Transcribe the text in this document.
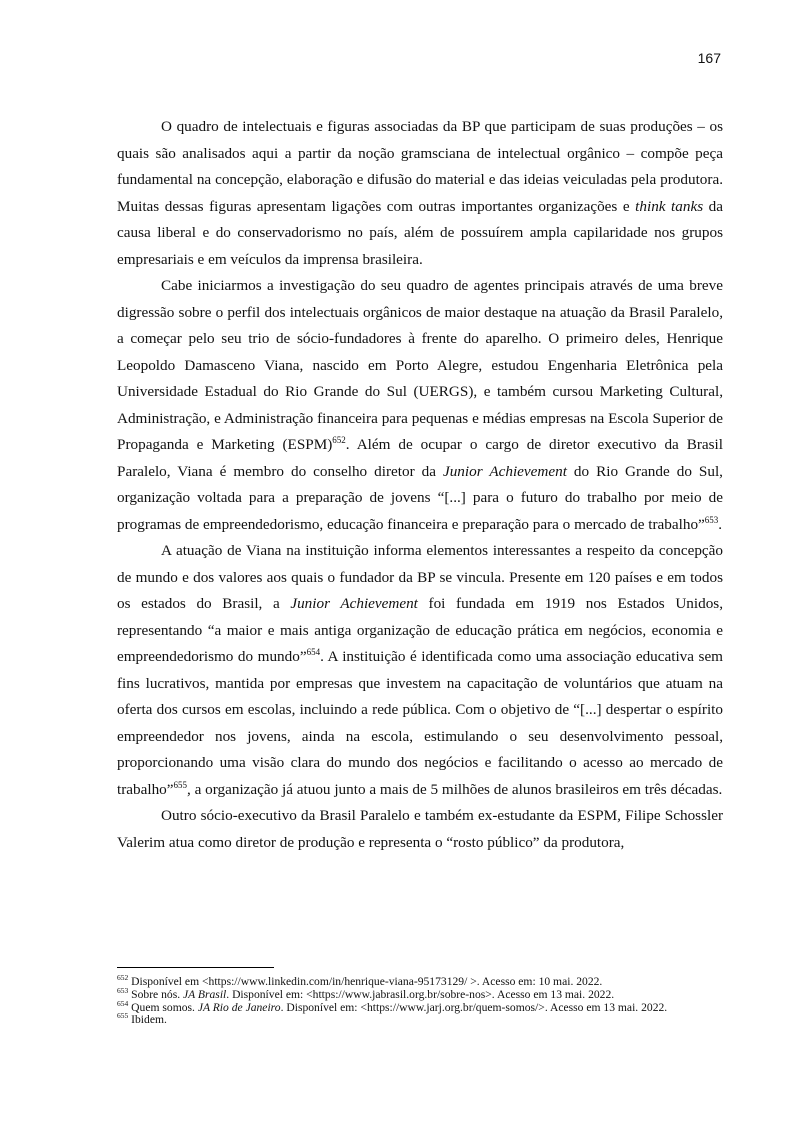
167

O quadro de intelectuais e figuras associadas da BP que participam de suas produções – os quais são analisados aqui a partir da noção gramsciana de intelectual orgânico – compõe peça fundamental na concepção, elaboração e difusão do material e das ideias veiculadas pela produtora. Muitas dessas figuras apresentam ligações com outras importantes organizações e think tanks da causa liberal e do conservadorismo no país, além de possuírem ampla capilaridade nos grupos empresariais e em veículos da imprensa brasileira.

Cabe iniciarmos a investigação do seu quadro de agentes principais através de uma breve digressão sobre o perfil dos intelectuais orgânicos de maior destaque na atuação da Brasil Paralelo, a começar pelo seu trio de sócio-fundadores à frente do aparelho. O primeiro deles, Henrique Leopoldo Damasceno Viana, nascido em Porto Alegre, estudou Engenharia Eletrônica pela Universidade Estadual do Rio Grande do Sul (UERGS), e também cursou Marketing Cultural, Administração, e Administração financeira para pequenas e médias empresas na Escola Superior de Propaganda e Marketing (ESPM)$^{652}$. Além de ocupar o cargo de diretor executivo da Brasil Paralelo, Viana é membro do conselho diretor da Junior Achievement do Rio Grande do Sul, organização voltada para a preparação de jovens “[...] para o futuro do trabalho por meio de programas de empreendedorismo, educação financeira e preparação para o mercado de trabalho”$^{653}$.

A atuação de Viana na instituição informa elementos interessantes a respeito da concepção de mundo e dos valores aos quais o fundador da BP se vincula. Presente em 120 países e em todos os estados do Brasil, a Junior Achievement foi fundada em 1919 nos Estados Unidos, representando “a maior e mais antiga organização de educação prática em negócios, economia e empreendedorismo do mundo”$^{654}$. A instituição é identificada como uma associação educativa sem fins lucrativos, mantida por empresas que investem na capacitação de voluntários que atuam na oferta dos cursos em escolas, incluindo a rede pública. Com o objetivo de “[...] despertar o espírito empreendedor nos jovens, ainda na escola, estimulando o seu desenvolvimento pessoal, proporcionando uma visão clara do mundo dos negócios e facilitando o acesso ao mercado de trabalho”$^{655}$, a organização já atuou junto a mais de 5 milhões de alunos brasileiros em três décadas.

Outro sócio-executivo da Brasil Paralelo e também ex-estudante da ESPM, Filipe Schossler Valerim atua como diretor de produção e representa o “rosto público” da produtora,

$^{652}$ Disponível em <https://www.linkedin.com/in/henrique-viana-95173129/ >. Acesso em: 10 mai. 2022.
$^{653}$ Sobre nós. JA Brasil. Disponível em: <https://www.jabrasil.org.br/sobre-nos>. Acesso em 13 mai. 2022.
$^{654}$ Quem somos. JA Rio de Janeiro. Disponível em: <https://www.jarj.org.br/quem-somos/>. Acesso em 13 mai. 2022.
$^{655}$ Ibidem.
